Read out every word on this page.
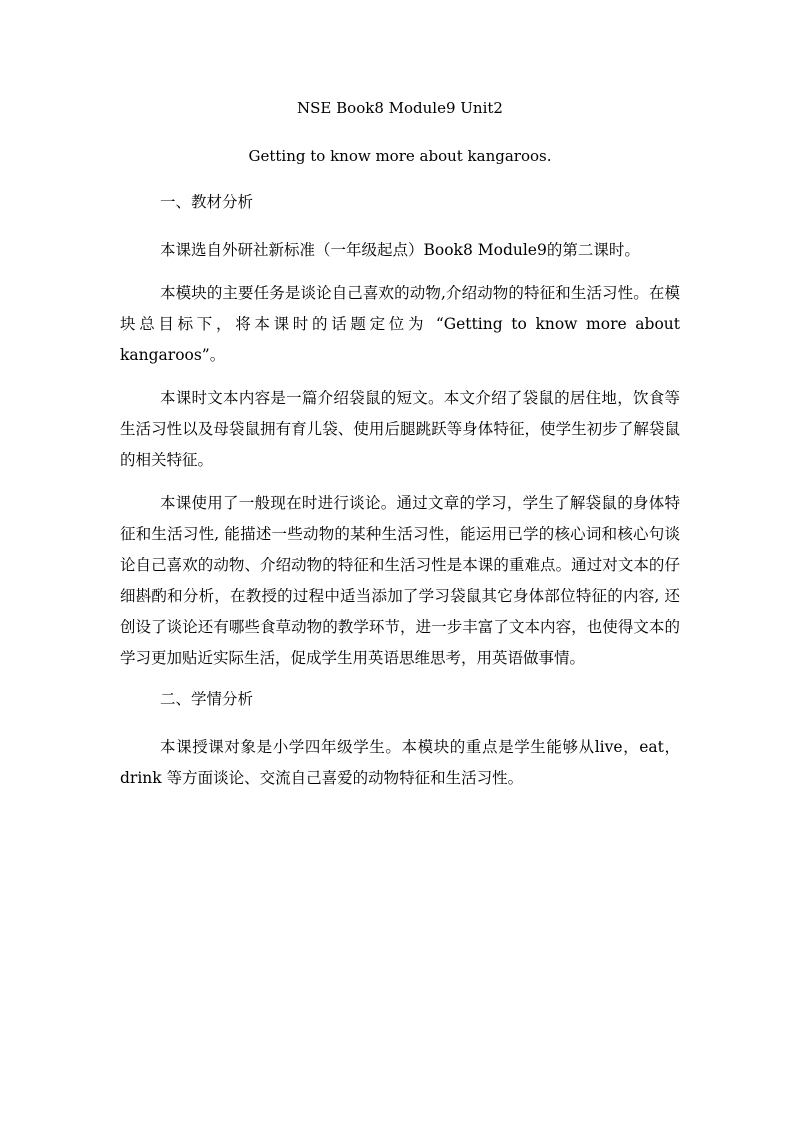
NSE Book8 Module9 Unit2
Getting to know more about kangaroos.
一、教材分析

本课选自外研社新标准（一年级起点）Book8 Module9的第二课时。

本模块的主要任务是谈论自己喜欢的动物,介绍动物的特征和生活习性。在模块总目标下，将本课时的话题定位为 “Getting to know more about kangaroos”。

本课时文本内容是一篇介绍袋鼠的短文。本文介绍了袋鼠的居住地，饮食等生活习性以及母袋鼠拥有育儿袋、使用后腿跳跃等身体特征，使学生初步了解袋鼠的相关特征。

本课使用了一般现在时进行谈论。通过文章的学习，学生了解袋鼠的身体特征和生活习性, 能描述一些动物的某种生活习性，能运用已学的核心词和核心句谈论自己喜欢的动物、介绍动物的特征和生活习性是本课的重难点。通过对文本的仔细斟酌和分析，在教授的过程中适当添加了学习袋鼠其它身体部位特征的内容, 还创设了谈论还有哪些食草动物的教学环节，进一步丰富了文本内容，也使得文本的学习更加贴近实际生活，促成学生用英语思维思考，用英语做事情。

二、学情分析

本课授课对象是小学四年级学生。本模块的重点是学生能够从live，eat，drink 等方面谈论、交流自己喜爱的动物特征和生活习性。
